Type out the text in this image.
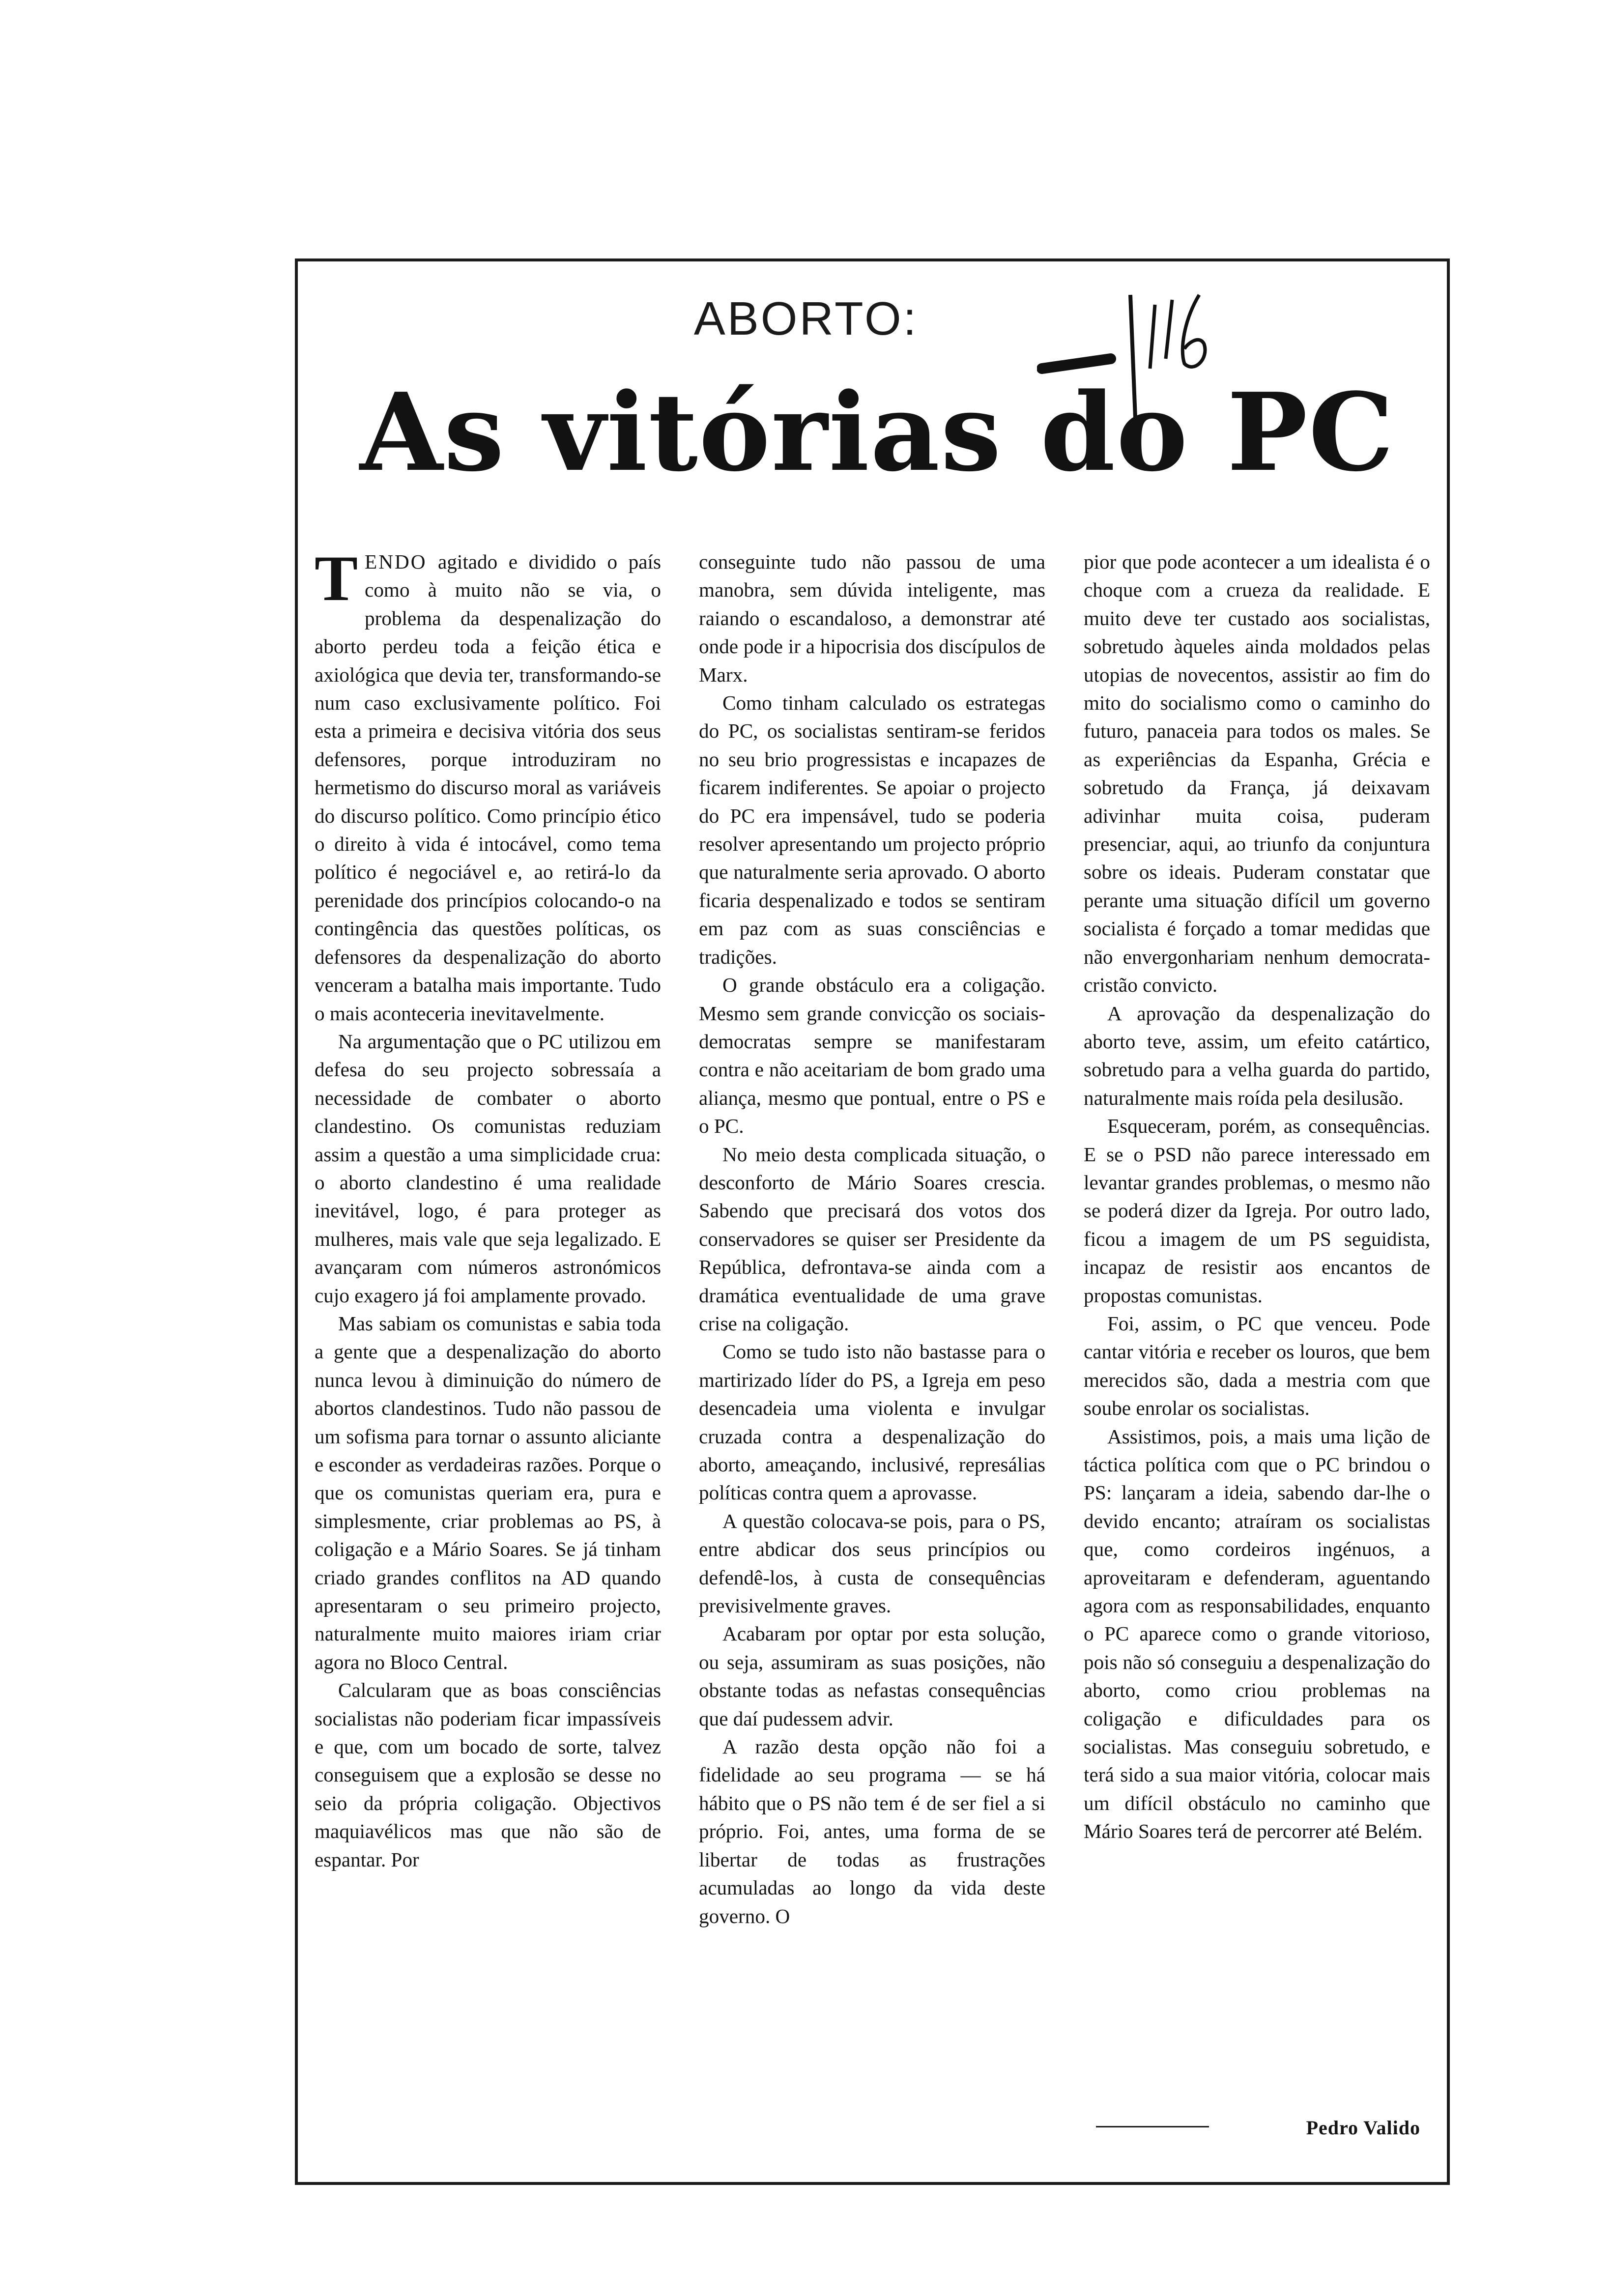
ABORTO:
As vitórias do PC

TENDO agitado e dividido o país como à muito não se via, o problema da despenalização do aborto perdeu toda a feição ética e axiológica que devia ter, transformando-se num caso exclusivamente político. Foi esta a primeira e decisiva vitória dos seus defensores, porque introduziram no hermetismo do discurso moral as variáveis do discurso político. Como princípio ético o direito à vida é intocável, como tema político é negociável e, ao retirá-lo da perenidade dos princípios colocando-o na contingência das questões políticas, os defensores da despenalização do aborto venceram a batalha mais importante. Tudo o mais aconteceria inevitavelmente.

Na argumentação que o PC utilizou em defesa do seu projecto sobressaía a necessidade de combater o aborto clandestino. Os comunistas reduziam assim a questão a uma simplicidade crua: o aborto clandestino é uma realidade inevitável, logo, é para proteger as mulheres, mais vale que seja legalizado. E avançaram com números astronómicos cujo exagero já foi amplamente provado.

Mas sabiam os comunistas e sabia toda a gente que a despenalização do aborto nunca levou à diminuição do número de abortos clandestinos. Tudo não passou de um sofisma para tornar o assunto aliciante e esconder as verdadeiras razões. Porque o que os comunistas queriam era, pura e simplesmente, criar problemas ao PS, à coligação e a Mário Soares. Se já tinham criado grandes conflitos na AD quando apresentaram o seu primeiro projecto, naturalmente muito maiores iriam criar agora no Bloco Central.

Calcularam que as boas consciências socialistas não poderiam ficar impassíveis e que, com um bocado de sorte, talvez conseguisem que a explosão se desse no seio da própria coligação. Objectivos maquiavélicos mas que não são de espantar. Por

conseguinte tudo não passou de uma manobra, sem dúvida inteligente, mas raiando o escandaloso, a demonstrar até onde pode ir a hipocrisia dos discípulos de Marx.

Como tinham calculado os estrategas do PC, os socialistas sentiram-se feridos no seu brio progressistas e incapazes de ficarem indiferentes. Se apoiar o projecto do PC era impensável, tudo se poderia resolver apresentando um projecto próprio que naturalmente seria aprovado. O aborto ficaria despenalizado e todos se sentiram em paz com as suas consciências e tradições.

O grande obstáculo era a coligação. Mesmo sem grande convicção os sociais-democratas sempre se manifestaram contra e não aceitariam de bom grado uma aliança, mesmo que pontual, entre o PS e o PC.

No meio desta complicada situação, o desconforto de Mário Soares crescia. Sabendo que precisará dos votos dos conservadores se quiser ser Presidente da República, defrontava-se ainda com a dramática eventualidade de uma grave crise na coligação.

Como se tudo isto não bastasse para o martirizado líder do PS, a Igreja em peso desencadeia uma violenta e invulgar cruzada contra a despenalização do aborto, ameaçando, inclusivé, represálias políticas contra quem a aprovasse.

A questão colocava-se pois, para o PS, entre abdicar dos seus princípios ou defendê-los, à custa de consequências previsivelmente graves.

Acabaram por optar por esta solução, ou seja, assumiram as suas posições, não obstante todas as nefastas consequências que daí pudessem advir.

A razão desta opção não foi a fidelidade ao seu programa — se há hábito que o PS não tem é de ser fiel a si próprio. Foi, antes, uma forma de se libertar de todas as frustrações acumuladas ao longo da vida deste governo. O

pior que pode acontecer a um idealista é o choque com a crueza da realidade. E muito deve ter custado aos socialistas, sobretudo àqueles ainda moldados pelas utopias de novecentos, assistir ao fim do mito do socialismo como o caminho do futuro, panaceia para todos os males. Se as experiências da Espanha, Grécia e sobretudo da França, já deixavam adivinhar muita coisa, puderam presenciar, aqui, ao triunfo da conjuntura sobre os ideais. Puderam constatar que perante uma situação difícil um governo socialista é forçado a tomar medidas que não envergonhariam nenhum democrata-cristão convicto.

A aprovação da despenalização do aborto teve, assim, um efeito catártico, sobretudo para a velha guarda do partido, naturalmente mais roída pela desilusão.

Esqueceram, porém, as consequências. E se o PSD não parece interessado em levantar grandes problemas, o mesmo não se poderá dizer da Igreja. Por outro lado, ficou a imagem de um PS seguidista, incapaz de resistir aos encantos de propostas comunistas.

Foi, assim, o PC que venceu. Pode cantar vitória e receber os louros, que bem merecidos são, dada a mestria com que soube enrolar os socialistas.

Assistimos, pois, a mais uma lição de táctica política com que o PC brindou o PS: lançaram a ideia, sabendo dar-lhe o devido encanto; atraíram os socialistas que, como cordeiros ingénuos, a aproveitaram e defenderam, aguentando agora com as responsabilidades, enquanto o PC aparece como o grande vitorioso, pois não só conseguiu a despenalização do aborto, como criou problemas na coligação e dificuldades para os socialistas. Mas conseguiu sobretudo, e terá sido a sua maior vitória, colocar mais um difícil obstáculo no caminho que Mário Soares terá de percorrer até Belém.

Pedro Valido
